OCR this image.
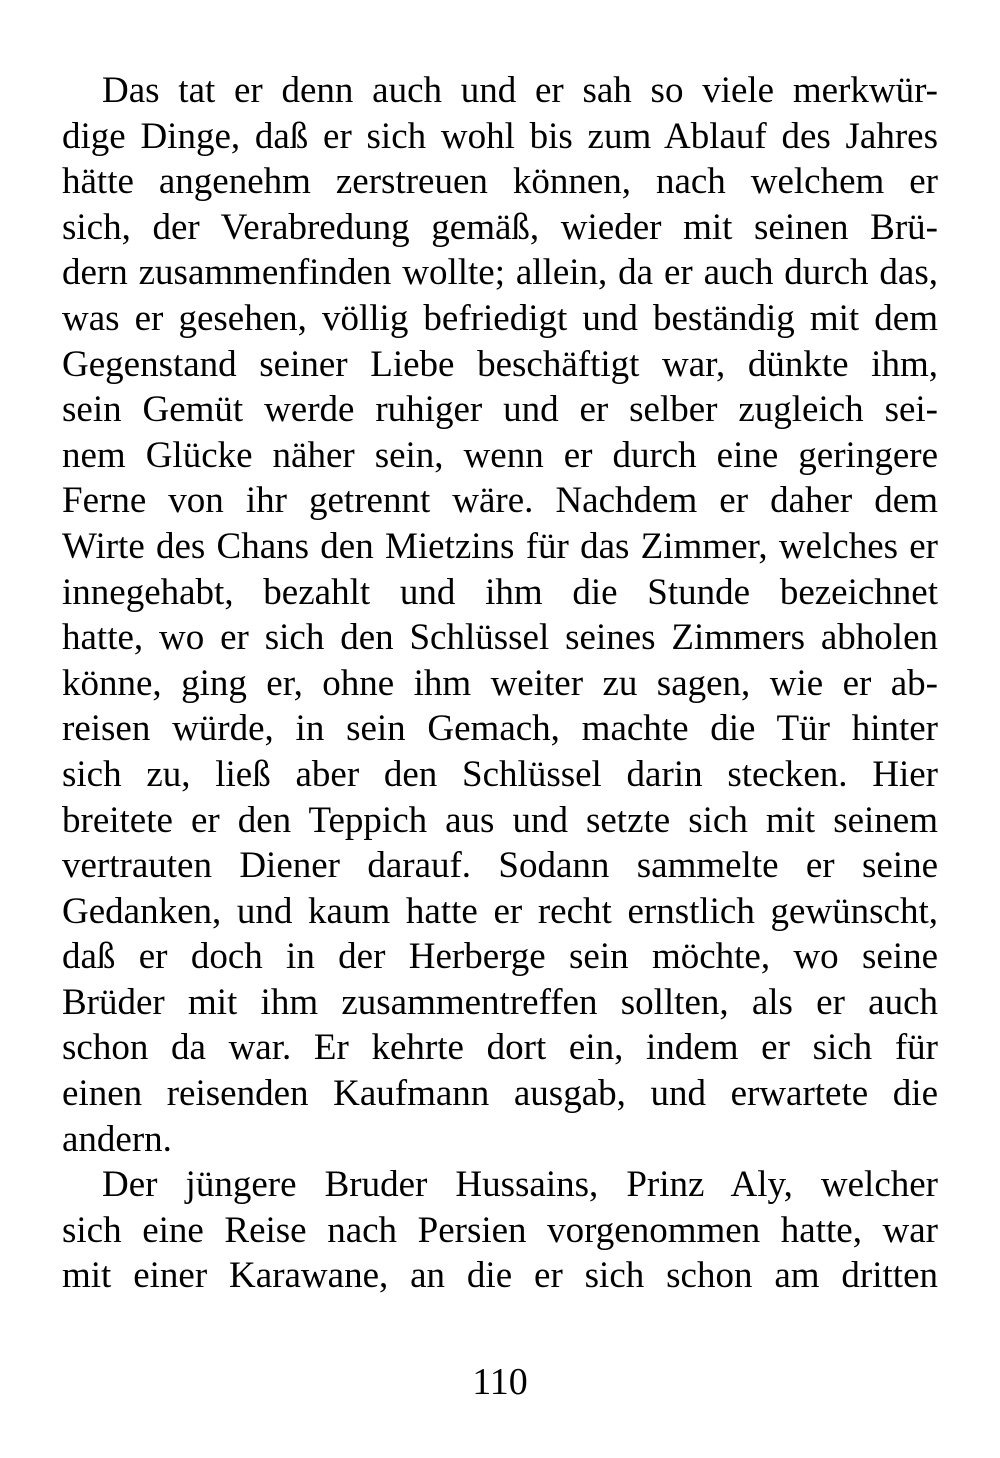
Das tat er denn auch und er sah so viele merkwür-
dige Dinge, daß er sich wohl bis zum Ablauf des Jahres
hätte angenehm zerstreuen können, nach welchem er
sich, der Verabredung gemäß, wieder mit seinen Brü-
dern zusammenfinden wollte; allein, da er auch durch das,
was er gesehen, völlig befriedigt und beständig mit dem
Gegenstand seiner Liebe beschäftigt war, dünkte ihm,
sein Gemüt werde ruhiger und er selber zugleich sei-
nem Glücke näher sein, wenn er durch eine geringere
Ferne von ihr getrennt wäre. Nachdem er daher dem
Wirte des Chans den Mietzins für das Zimmer, welches er
innegehabt, bezahlt und ihm die Stunde bezeichnet
hatte, wo er sich den Schlüssel seines Zimmers abholen
könne, ging er, ohne ihm weiter zu sagen, wie er ab-
reisen würde, in sein Gemach, machte die Tür hinter
sich zu, ließ aber den Schlüssel darin stecken. Hier
breitete er den Teppich aus und setzte sich mit seinem
vertrauten Diener darauf. Sodann sammelte er seine
Gedanken, und kaum hatte er recht ernstlich gewünscht,
daß er doch in der Herberge sein möchte, wo seine
Brüder mit ihm zusammentreffen sollten, als er auch
schon da war. Er kehrte dort ein, indem er sich für
einen reisenden Kaufmann ausgab, und erwartete die
andern.
Der jüngere Bruder Hussains, Prinz Aly, welcher
sich eine Reise nach Persien vorgenommen hatte, war
mit einer Karawane, an die er sich schon am dritten
110
